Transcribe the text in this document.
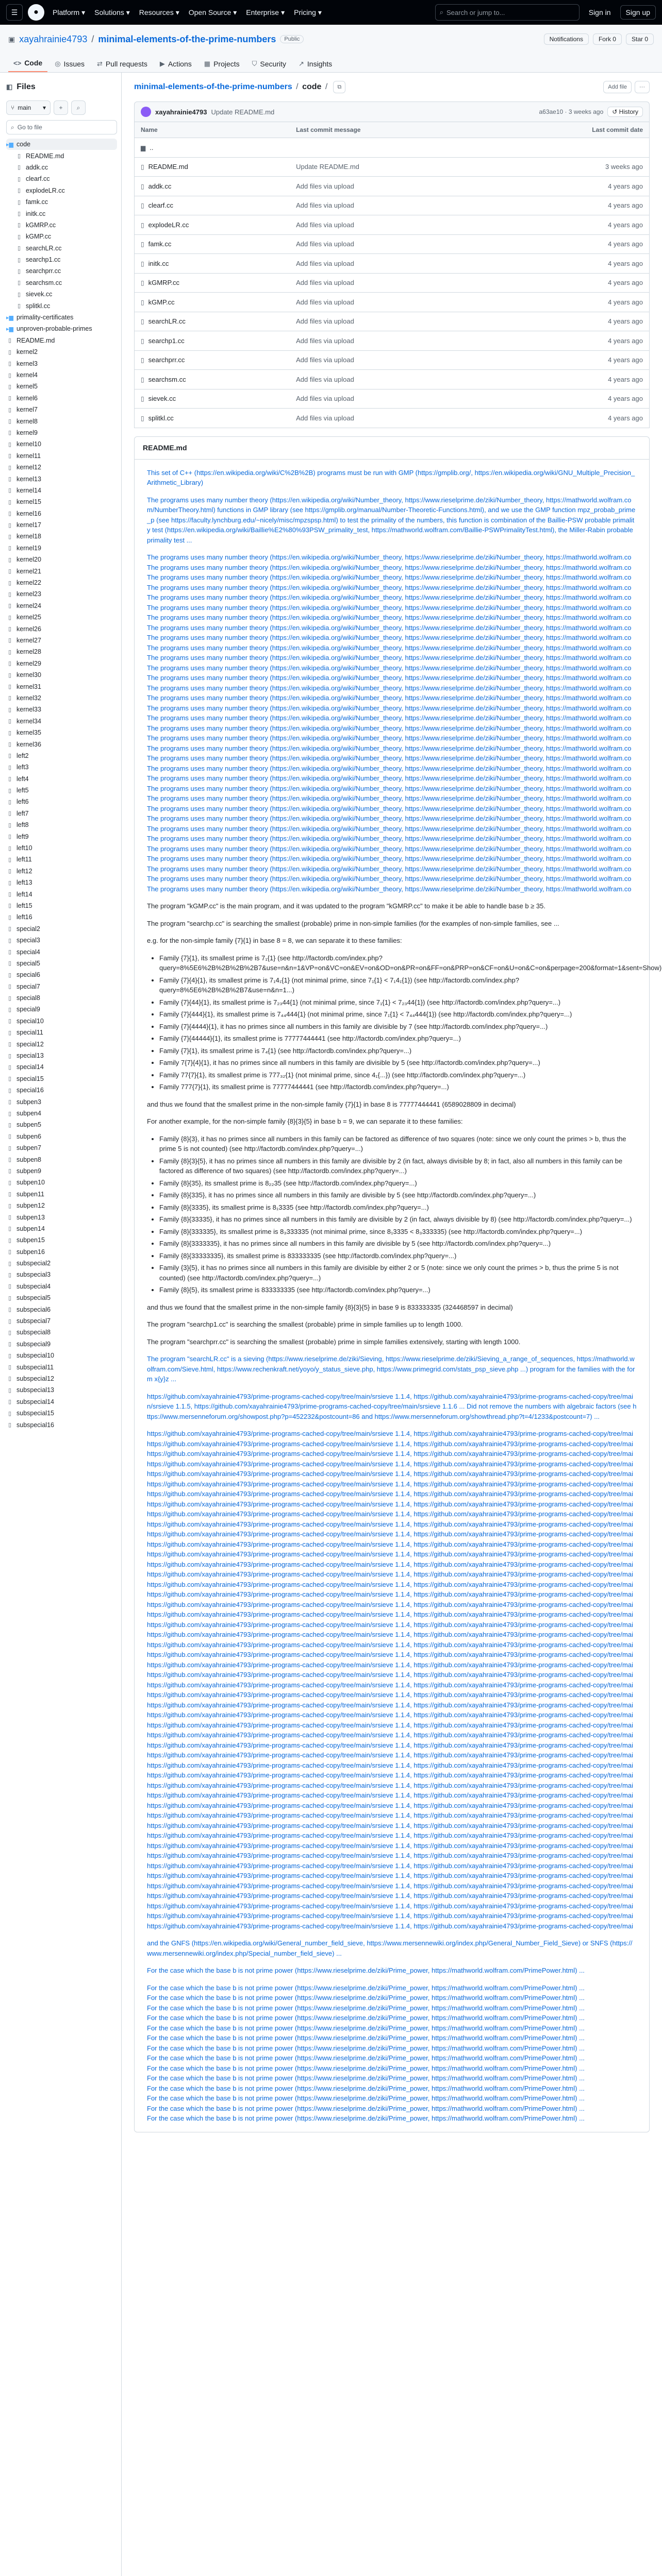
☰	●	Platform ▾ Solutions ▾ Resources ▾ Open Source ▾ Enterprise ▾ Pricing ▾	⌕ Search or jump to...	Sign in	Sign up
▣ xayahrainie4793 / minimal-elements-of-the-prime-numbers	Public	Notifications	Fork 0	Star 0
<> Code ◎ Issues ⇄ Pull requests ▶ Actions ▦ Projects ⛉ Security ↗ Insights
◧ Files
⑂ main ▾	+	⌕
⌕ Go to file
▸▆ code
▯ README.md
▯ addk.cc
▯ clearf.cc
▯ explodeLR.cc
▯ famk.cc
▯ initk.cc
▯ kGMRP.cc
▯ kGMP.cc
▯ searchLR.cc
▯ searchp1.cc
▯ searchprr.cc
▯ searchsm.cc
▯ sievek.cc
▯ splitkl.cc
▸▆ primality-certificates
▸▆ unproven-probable-primes
▯ README.md
▯ kernel2
▯ kernel3
▯ kernel4
▯ kernel5
▯ kernel6
▯ kernel7
▯ kernel8
▯ kernel9
▯ kernel10
▯ kernel11
▯ kernel12
▯ kernel13
▯ kernel14
▯ kernel15
▯ kernel16
▯ kernel17
▯ kernel18
▯ kernel19
▯ kernel20
▯ kernel21
▯ kernel22
▯ kernel23
▯ kernel24
▯ kernel25
▯ kernel26
▯ kernel27
▯ kernel28
▯ kernel29
▯ kernel30
▯ kernel31
▯ kernel32
▯ kernel33
▯ kernel34
▯ kernel35
▯ kernel36
▯ left2
▯ left3
▯ left4
▯ left5
▯ left6
▯ left7
▯ left8
▯ left9
▯ left10
▯ left11
▯ left12
▯ left13
▯ left14
▯ left15
▯ left16
▯ special2
▯ special3
▯ special4
▯ special5
▯ special6
▯ special7
▯ special8
▯ special9
▯ special10
▯ special11
▯ special12
▯ special13
▯ special14
▯ special15
▯ special16
▯ subpen3
▯ subpen4
▯ subpen5
▯ subpen6
▯ subpen7
▯ subpen8
▯ subpen9
▯ subpen10
▯ subpen11
▯ subpen12
▯ subpen13
▯ subpen14
▯ subpen15
▯ subpen16
▯ subspecial2
▯ subspecial3
▯ subspecial4
▯ subspecial5
▯ subspecial6
▯ subspecial7
▯ subspecial8
▯ subspecial9
▯ subspecial10
▯ subspecial11
▯ subspecial12
▯ subspecial13
▯ subspecial14
▯ subspecial15
▯ subspecial16
minimal-elements-of-the-prime-numbers / code /	⧉	Add file	···
xayahrainie4793 Update README.md	a63ae10 · 3 weeks ago	↺ History
Name	Last commit message	Last commit date
▆ ..		
▯ README.md	Update README.md	3 weeks ago
▯ addk.cc	Add files via upload	4 years ago
▯ clearf.cc	Add files via upload	4 years ago
▯ explodeLR.cc	Add files via upload	4 years ago
▯ famk.cc	Add files via upload	4 years ago
▯ initk.cc	Add files via upload	4 years ago
▯ kGMRP.cc	Add files via upload	4 years ago
▯ kGMP.cc	Add files via upload	4 years ago
▯ searchLR.cc	Add files via upload	4 years ago
▯ searchp1.cc	Add files via upload	4 years ago
▯ searchprr.cc	Add files via upload	4 years ago
▯ searchsm.cc	Add files via upload	4 years ago
▯ sievek.cc	Add files via upload	4 years ago
▯ splitkl.cc	Add files via upload	4 years ago
README.md

This set of C++ (https://en.wikipedia.org/wiki/C%2B%2B) programs must be run with GMP (https://gmplib.org/, https://en.wikipedia.org/wiki/GNU_Multiple_Precision_Arithmetic_Library)

The programs uses many number theory (https://en.wikipedia.org/wiki/Number_theory, https://www.rieselprime.de/ziki/Number_theory, https://mathworld.wolfram.com/NumberTheory.html) functions in GMP library (see https://gmplib.org/manual/Number-Theoretic-Functions.html), and we use the GMP function mpz_probab_prime_p (see https://faculty.lynchburg.edu/~nicely/misc/mpzspsp.html) to test the primality of the numbers, this function is combination of the Baillie-PSW probable primality test (https://en.wikipedia.org/wiki/Baillie%E2%80%93PSW_primality_test, https://mathworld.wolfram.com/Baillie-PSWPrimalityTest.html), the Miller-Rabin probable primality test ...

The programs uses many number theory (https://en.wikipedia.org/wiki/Number_theory, https://www.rieselprime.de/ziki/Number_theory, https://mathworld.wolfram.co
The programs uses many number theory (https://en.wikipedia.org/wiki/Number_theory, https://www.rieselprime.de/ziki/Number_theory, https://mathworld.wolfram.co
The programs uses many number theory (https://en.wikipedia.org/wiki/Number_theory, https://www.rieselprime.de/ziki/Number_theory, https://mathworld.wolfram.co
The programs uses many number theory (https://en.wikipedia.org/wiki/Number_theory, https://www.rieselprime.de/ziki/Number_theory, https://mathworld.wolfram.co
The programs uses many number theory (https://en.wikipedia.org/wiki/Number_theory, https://www.rieselprime.de/ziki/Number_theory, https://mathworld.wolfram.co
The programs uses many number theory (https://en.wikipedia.org/wiki/Number_theory, https://www.rieselprime.de/ziki/Number_theory, https://mathworld.wolfram.co
The programs uses many number theory (https://en.wikipedia.org/wiki/Number_theory, https://www.rieselprime.de/ziki/Number_theory, https://mathworld.wolfram.co
The programs uses many number theory (https://en.wikipedia.org/wiki/Number_theory, https://www.rieselprime.de/ziki/Number_theory, https://mathworld.wolfram.co
The programs uses many number theory (https://en.wikipedia.org/wiki/Number_theory, https://www.rieselprime.de/ziki/Number_theory, https://mathworld.wolfram.co
The programs uses many number theory (https://en.wikipedia.org/wiki/Number_theory, https://www.rieselprime.de/ziki/Number_theory, https://mathworld.wolfram.co
The programs uses many number theory (https://en.wikipedia.org/wiki/Number_theory, https://www.rieselprime.de/ziki/Number_theory, https://mathworld.wolfram.co
The programs uses many number theory (https://en.wikipedia.org/wiki/Number_theory, https://www.rieselprime.de/ziki/Number_theory, https://mathworld.wolfram.co
The programs uses many number theory (https://en.wikipedia.org/wiki/Number_theory, https://www.rieselprime.de/ziki/Number_theory, https://mathworld.wolfram.co
The programs uses many number theory (https://en.wikipedia.org/wiki/Number_theory, https://www.rieselprime.de/ziki/Number_theory, https://mathworld.wolfram.co
The programs uses many number theory (https://en.wikipedia.org/wiki/Number_theory, https://www.rieselprime.de/ziki/Number_theory, https://mathworld.wolfram.co
The programs uses many number theory (https://en.wikipedia.org/wiki/Number_theory, https://www.rieselprime.de/ziki/Number_theory, https://mathworld.wolfram.co
The programs uses many number theory (https://en.wikipedia.org/wiki/Number_theory, https://www.rieselprime.de/ziki/Number_theory, https://mathworld.wolfram.co
The programs uses many number theory (https://en.wikipedia.org/wiki/Number_theory, https://www.rieselprime.de/ziki/Number_theory, https://mathworld.wolfram.co
The programs uses many number theory (https://en.wikipedia.org/wiki/Number_theory, https://www.rieselprime.de/ziki/Number_theory, https://mathworld.wolfram.co
The programs uses many number theory (https://en.wikipedia.org/wiki/Number_theory, https://www.rieselprime.de/ziki/Number_theory, https://mathworld.wolfram.co
The programs uses many number theory (https://en.wikipedia.org/wiki/Number_theory, https://www.rieselprime.de/ziki/Number_theory, https://mathworld.wolfram.co
The programs uses many number theory (https://en.wikipedia.org/wiki/Number_theory, https://www.rieselprime.de/ziki/Number_theory, https://mathworld.wolfram.co
The programs uses many number theory (https://en.wikipedia.org/wiki/Number_theory, https://www.rieselprime.de/ziki/Number_theory, https://mathworld.wolfram.co
The programs uses many number theory (https://en.wikipedia.org/wiki/Number_theory, https://www.rieselprime.de/ziki/Number_theory, https://mathworld.wolfram.co
The programs uses many number theory (https://en.wikipedia.org/wiki/Number_theory, https://www.rieselprime.de/ziki/Number_theory, https://mathworld.wolfram.co
The programs uses many number theory (https://en.wikipedia.org/wiki/Number_theory, https://www.rieselprime.de/ziki/Number_theory, https://mathworld.wolfram.co
The programs uses many number theory (https://en.wikipedia.org/wiki/Number_theory, https://www.rieselprime.de/ziki/Number_theory, https://mathworld.wolfram.co
The programs uses many number theory (https://en.wikipedia.org/wiki/Number_theory, https://www.rieselprime.de/ziki/Number_theory, https://mathworld.wolfram.co
The programs uses many number theory (https://en.wikipedia.org/wiki/Number_theory, https://www.rieselprime.de/ziki/Number_theory, https://mathworld.wolfram.co
The programs uses many number theory (https://en.wikipedia.org/wiki/Number_theory, https://www.rieselprime.de/ziki/Number_theory, https://mathworld.wolfram.co
The programs uses many number theory (https://en.wikipedia.org/wiki/Number_theory, https://www.rieselprime.de/ziki/Number_theory, https://mathworld.wolfram.co
The programs uses many number theory (https://en.wikipedia.org/wiki/Number_theory, https://www.rieselprime.de/ziki/Number_theory, https://mathworld.wolfram.co
The programs uses many number theory (https://en.wikipedia.org/wiki/Number_theory, https://www.rieselprime.de/ziki/Number_theory, https://mathworld.wolfram.co
The programs uses many number theory (https://en.wikipedia.org/wiki/Number_theory, https://www.rieselprime.de/ziki/Number_theory, https://mathworld.wolfram.co

The program "kGMP.cc" is the main program, and it was updated to the program "kGMRP.cc" to make it be able to handle base b ≥ 35.

The program "searchp.cc" is searching the smallest (probable) prime in non-simple families (for the examples of non-simple families, see ...

e.g. for the non-simple family {7}{1} in base 8 = 8, we can separate it to these families:

• Family {7}{1}, its smallest prime is 7₁{1} (see http://factordb.com/index.php?query=8%5E6%2B%2B%2B%2B7&use=n&n=1&VP=on&VC=on&EV=on&OD=on&PR=on&FF=on&PRP=on&CF=on&U=on&C=on&perpage=200&format=1&sent=Show)
• Family {7}{4}{1}, its smallest prime is 7₁4₁{1} (not minimal prime, since 7₁{1} < 7₁4₁{1}) (see http://factordb.com/index.php?query=8%5E6%2B%2B%2B7&use=n&n=1...)
• Family {7}{44}{1}, its smallest prime is 7₂₃44{1} (not minimal prime, since 7₁{1} < 7₂₃44{1}) (see http://factordb.com/index.php?query=...)
• Family {7}{444}{1}, its smallest prime is 7₄₄444{1} (not minimal prime, since 7₁{1} < 7₄₄444{1}) (see http://factordb.com/index.php?query=...)
• Family {7}{4444}{1}, it has no primes since all numbers in this family are divisible by 7 (see http://factordb.com/index.php?query=...)
• Family {7}{44444}{1}, its smallest prime is 77777444441 (see http://factordb.com/index.php?query=...)
• Family {7}{1}, its smallest prime is 7₄{1} (see http://factordb.com/index.php?query=...)
• Family 7{7}{4}{1}, it has no primes since all numbers in this family are divisible by 5 (see http://factordb.com/index.php?query=...)
• Family 77{7}{1}, its smallest prime is 777₃₂{1} (not minimal prime, since 4₁{...}) (see http://factordb.com/index.php?query=...)
• Family 777{7}{1}, its smallest prime is 77777444441 (see http://factordb.com/index.php?query=...)

and thus we found that the smallest prime in the non-simple family {7}{1} in base 8 is 77777444441 (6589028809 in decimal)

For another example, for the non-simple family {8}{3}{5} in base b = 9, we can separate it to these families:

• Family {8}{3}, it has no primes since all numbers in this family can be factored as difference of two squares (note: since we only count the primes > b, thus the prime 5 is not counted) (see http://factordb.com/index.php?query=...)
• Family {8}{3}{5}, it has no primes since all numbers in this family are divisible by 2 (in fact, always divisible by 8; in fact, also all numbers in this family can be factored as difference of two squares) (see http://factordb.com/index.php?query=...)
• Family {8}{35}, its smallest prime is 8₂₂35 (see http://factordb.com/index.php?query=...)
• Family {8}{335}, it has no primes since all numbers in this family are divisible by 5 (see http://factordb.com/index.php?query=...)
• Family {8}{3335}, its smallest prime is 8₁3335 (see http://factordb.com/index.php?query=...)
• Family {8}{33335}, it has no primes since all numbers in this family are divisible by 2 (in fact, always divisible by 8) (see http://factordb.com/index.php?query=...)
• Family {8}{333335}, its smallest prime is 8₃333335 (not minimal prime, since 8₁3335 < 8₃333335) (see http://factordb.com/index.php?query=...)
• Family {8}{3333335}, it has no primes since all numbers in this family are divisible by 5 (see http://factordb.com/index.php?query=...)
• Family {8}{33333335}, its smallest prime is 833333335 (see http://factordb.com/index.php?query=...)
• Family {3}{5}, it has no primes since all numbers in this family are divisible by either 2 or 5 (note: since we only count the primes > b, thus the prime 5 is not counted) (see http://factordb.com/index.php?query=...)
• Family {8}{5}, its smallest prime is 833333335 (see http://factordb.com/index.php?query=...)

and thus we found that the smallest prime in the non-simple family {8}{3}{5} in base 9 is 833333335 (324468597 in decimal)

The program "searchp1.cc" is searching the smallest (probable) prime in simple families up to length 1000.

The program "searchprr.cc" is searching the smallest (probable) prime in simple families extensively, starting with length 1000.

The program "searchLR.cc" is a sieving (https://www.rieselprime.de/ziki/Sieving, https://www.rieselprime.de/ziki/Sieving_a_range_of_sequences, https://mathworld.wolfram.com/Sieve.html, https://www.rechenkraft.net/yoyo/y_status_sieve.php, https://www.primegrid.com/stats_psp_sieve.php ...) program for the families with the form x{y}z ...

https://github.com/xayahrainie4793/prime-programs-cached-copy/tree/main/srsieve 1.1.4, https://github.com/xayahrainie4793/prime-programs-cached-copy/tree/main/srsieve 1.1.5, https://github.com/xayahrainie4793/prime-programs-cached-copy/tree/main/srsieve 1.1.6 ... Did not remove the numbers with algebraic factors (see https://www.mersenneforum.org/showpost.php?p=452232&postcount=86 and https://www.mersenneforum.org/showthread.php?t=4/1233&postcount=7) ...

https://github.com/xayahrainie4793/prime-programs-cached-copy/tree/main/srsieve 1.1.4, https://github.com/xayahrainie4793/prime-programs-cached-copy/tree/mai
https://github.com/xayahrainie4793/prime-programs-cached-copy/tree/main/srsieve 1.1.4, https://github.com/xayahrainie4793/prime-programs-cached-copy/tree/mai
https://github.com/xayahrainie4793/prime-programs-cached-copy/tree/main/srsieve 1.1.4, https://github.com/xayahrainie4793/prime-programs-cached-copy/tree/mai
https://github.com/xayahrainie4793/prime-programs-cached-copy/tree/main/srsieve 1.1.4, https://github.com/xayahrainie4793/prime-programs-cached-copy/tree/mai
https://github.com/xayahrainie4793/prime-programs-cached-copy/tree/main/srsieve 1.1.4, https://github.com/xayahrainie4793/prime-programs-cached-copy/tree/mai
https://github.com/xayahrainie4793/prime-programs-cached-copy/tree/main/srsieve 1.1.4, https://github.com/xayahrainie4793/prime-programs-cached-copy/tree/mai
https://github.com/xayahrainie4793/prime-programs-cached-copy/tree/main/srsieve 1.1.4, https://github.com/xayahrainie4793/prime-programs-cached-copy/tree/mai
https://github.com/xayahrainie4793/prime-programs-cached-copy/tree/main/srsieve 1.1.4, https://github.com/xayahrainie4793/prime-programs-cached-copy/tree/mai
https://github.com/xayahrainie4793/prime-programs-cached-copy/tree/main/srsieve 1.1.4, https://github.com/xayahrainie4793/prime-programs-cached-copy/tree/mai
https://github.com/xayahrainie4793/prime-programs-cached-copy/tree/main/srsieve 1.1.4, https://github.com/xayahrainie4793/prime-programs-cached-copy/tree/mai
https://github.com/xayahrainie4793/prime-programs-cached-copy/tree/main/srsieve 1.1.4, https://github.com/xayahrainie4793/prime-programs-cached-copy/tree/mai
https://github.com/xayahrainie4793/prime-programs-cached-copy/tree/main/srsieve 1.1.4, https://github.com/xayahrainie4793/prime-programs-cached-copy/tree/mai
https://github.com/xayahrainie4793/prime-programs-cached-copy/tree/main/srsieve 1.1.4, https://github.com/xayahrainie4793/prime-programs-cached-copy/tree/mai
https://github.com/xayahrainie4793/prime-programs-cached-copy/tree/main/srsieve 1.1.4, https://github.com/xayahrainie4793/prime-programs-cached-copy/tree/mai
https://github.com/xayahrainie4793/prime-programs-cached-copy/tree/main/srsieve 1.1.4, https://github.com/xayahrainie4793/prime-programs-cached-copy/tree/mai
https://github.com/xayahrainie4793/prime-programs-cached-copy/tree/main/srsieve 1.1.4, https://github.com/xayahrainie4793/prime-programs-cached-copy/tree/mai
https://github.com/xayahrainie4793/prime-programs-cached-copy/tree/main/srsieve 1.1.4, https://github.com/xayahrainie4793/prime-programs-cached-copy/tree/mai
https://github.com/xayahrainie4793/prime-programs-cached-copy/tree/main/srsieve 1.1.4, https://github.com/xayahrainie4793/prime-programs-cached-copy/tree/mai
https://github.com/xayahrainie4793/prime-programs-cached-copy/tree/main/srsieve 1.1.4, https://github.com/xayahrainie4793/prime-programs-cached-copy/tree/mai
https://github.com/xayahrainie4793/prime-programs-cached-copy/tree/main/srsieve 1.1.4, https://github.com/xayahrainie4793/prime-programs-cached-copy/tree/mai
https://github.com/xayahrainie4793/prime-programs-cached-copy/tree/main/srsieve 1.1.4, https://github.com/xayahrainie4793/prime-programs-cached-copy/tree/mai
https://github.com/xayahrainie4793/prime-programs-cached-copy/tree/main/srsieve 1.1.4, https://github.com/xayahrainie4793/prime-programs-cached-copy/tree/mai
https://github.com/xayahrainie4793/prime-programs-cached-copy/tree/main/srsieve 1.1.4, https://github.com/xayahrainie4793/prime-programs-cached-copy/tree/mai
https://github.com/xayahrainie4793/prime-programs-cached-copy/tree/main/srsieve 1.1.4, https://github.com/xayahrainie4793/prime-programs-cached-copy/tree/mai
https://github.com/xayahrainie4793/prime-programs-cached-copy/tree/main/srsieve 1.1.4, https://github.com/xayahrainie4793/prime-programs-cached-copy/tree/mai
https://github.com/xayahrainie4793/prime-programs-cached-copy/tree/main/srsieve 1.1.4, https://github.com/xayahrainie4793/prime-programs-cached-copy/tree/mai
https://github.com/xayahrainie4793/prime-programs-cached-copy/tree/main/srsieve 1.1.4, https://github.com/xayahrainie4793/prime-programs-cached-copy/tree/mai
https://github.com/xayahrainie4793/prime-programs-cached-copy/tree/main/srsieve 1.1.4, https://github.com/xayahrainie4793/prime-programs-cached-copy/tree/mai
https://github.com/xayahrainie4793/prime-programs-cached-copy/tree/main/srsieve 1.1.4, https://github.com/xayahrainie4793/prime-programs-cached-copy/tree/mai
https://github.com/xayahrainie4793/prime-programs-cached-copy/tree/main/srsieve 1.1.4, https://github.com/xayahrainie4793/prime-programs-cached-copy/tree/mai
https://github.com/xayahrainie4793/prime-programs-cached-copy/tree/main/srsieve 1.1.4, https://github.com/xayahrainie4793/prime-programs-cached-copy/tree/mai
https://github.com/xayahrainie4793/prime-programs-cached-copy/tree/main/srsieve 1.1.4, https://github.com/xayahrainie4793/prime-programs-cached-copy/tree/mai
https://github.com/xayahrainie4793/prime-programs-cached-copy/tree/main/srsieve 1.1.4, https://github.com/xayahrainie4793/prime-programs-cached-copy/tree/mai
https://github.com/xayahrainie4793/prime-programs-cached-copy/tree/main/srsieve 1.1.4, https://github.com/xayahrainie4793/prime-programs-cached-copy/tree/mai
https://github.com/xayahrainie4793/prime-programs-cached-copy/tree/main/srsieve 1.1.4, https://github.com/xayahrainie4793/prime-programs-cached-copy/tree/mai
https://github.com/xayahrainie4793/prime-programs-cached-copy/tree/main/srsieve 1.1.4, https://github.com/xayahrainie4793/prime-programs-cached-copy/tree/mai
https://github.com/xayahrainie4793/prime-programs-cached-copy/tree/main/srsieve 1.1.4, https://github.com/xayahrainie4793/prime-programs-cached-copy/tree/mai
https://github.com/xayahrainie4793/prime-programs-cached-copy/tree/main/srsieve 1.1.4, https://github.com/xayahrainie4793/prime-programs-cached-copy/tree/mai
https://github.com/xayahrainie4793/prime-programs-cached-copy/tree/main/srsieve 1.1.4, https://github.com/xayahrainie4793/prime-programs-cached-copy/tree/mai
https://github.com/xayahrainie4793/prime-programs-cached-copy/tree/main/srsieve 1.1.4, https://github.com/xayahrainie4793/prime-programs-cached-copy/tree/mai
https://github.com/xayahrainie4793/prime-programs-cached-copy/tree/main/srsieve 1.1.4, https://github.com/xayahrainie4793/prime-programs-cached-copy/tree/mai
https://github.com/xayahrainie4793/prime-programs-cached-copy/tree/main/srsieve 1.1.4, https://github.com/xayahrainie4793/prime-programs-cached-copy/tree/mai
https://github.com/xayahrainie4793/prime-programs-cached-copy/tree/main/srsieve 1.1.4, https://github.com/xayahrainie4793/prime-programs-cached-copy/tree/mai
https://github.com/xayahrainie4793/prime-programs-cached-copy/tree/main/srsieve 1.1.4, https://github.com/xayahrainie4793/prime-programs-cached-copy/tree/mai
https://github.com/xayahrainie4793/prime-programs-cached-copy/tree/main/srsieve 1.1.4, https://github.com/xayahrainie4793/prime-programs-cached-copy/tree/mai
https://github.com/xayahrainie4793/prime-programs-cached-copy/tree/main/srsieve 1.1.4, https://github.com/xayahrainie4793/prime-programs-cached-copy/tree/mai
https://github.com/xayahrainie4793/prime-programs-cached-copy/tree/main/srsieve 1.1.4, https://github.com/xayahrainie4793/prime-programs-cached-copy/tree/mai
https://github.com/xayahrainie4793/prime-programs-cached-copy/tree/main/srsieve 1.1.4, https://github.com/xayahrainie4793/prime-programs-cached-copy/tree/mai
https://github.com/xayahrainie4793/prime-programs-cached-copy/tree/main/srsieve 1.1.4, https://github.com/xayahrainie4793/prime-programs-cached-copy/tree/mai
https://github.com/xayahrainie4793/prime-programs-cached-copy/tree/main/srsieve 1.1.4, https://github.com/xayahrainie4793/prime-programs-cached-copy/tree/mai

and the GNFS (https://en.wikipedia.org/wiki/General_number_field_sieve, https://www.mersennewiki.org/index.php/General_Number_Field_Sieve) or SNFS (https://www.mersennewiki.org/index.php/Special_number_field_sieve) ...

For the case which the base b is not prime power (https://www.rieselprime.de/ziki/Prime_power, https://mathworld.wolfram.com/PrimePower.html) ...

For the case which the base b is not prime power (https://www.rieselprime.de/ziki/Prime_power, https://mathworld.wolfram.com/PrimePower.html) ...
For the case which the base b is not prime power (https://www.rieselprime.de/ziki/Prime_power, https://mathworld.wolfram.com/PrimePower.html) ...
For the case which the base b is not prime power (https://www.rieselprime.de/ziki/Prime_power, https://mathworld.wolfram.com/PrimePower.html) ...
For the case which the base b is not prime power (https://www.rieselprime.de/ziki/Prime_power, https://mathworld.wolfram.com/PrimePower.html) ...
For the case which the base b is not prime power (https://www.rieselprime.de/ziki/Prime_power, https://mathworld.wolfram.com/PrimePower.html) ...
For the case which the base b is not prime power (https://www.rieselprime.de/ziki/Prime_power, https://mathworld.wolfram.com/PrimePower.html) ...
For the case which the base b is not prime power (https://www.rieselprime.de/ziki/Prime_power, https://mathworld.wolfram.com/PrimePower.html) ...
For the case which the base b is not prime power (https://www.rieselprime.de/ziki/Prime_power, https://mathworld.wolfram.com/PrimePower.html) ...
For the case which the base b is not prime power (https://www.rieselprime.de/ziki/Prime_power, https://mathworld.wolfram.com/PrimePower.html) ...
For the case which the base b is not prime power (https://www.rieselprime.de/ziki/Prime_power, https://mathworld.wolfram.com/PrimePower.html) ...
For the case which the base b is not prime power (https://www.rieselprime.de/ziki/Prime_power, https://mathworld.wolfram.com/PrimePower.html) ...
For the case which the base b is not prime power (https://www.rieselprime.de/ziki/Prime_power, https://mathworld.wolfram.com/PrimePower.html) ...
For the case which the base b is not prime power (https://www.rieselprime.de/ziki/Prime_power, https://mathworld.wolfram.com/PrimePower.html) ...
For the case which the base b is not prime power (https://www.rieselprime.de/ziki/Prime_power, https://mathworld.wolfram.com/PrimePower.html) ...
